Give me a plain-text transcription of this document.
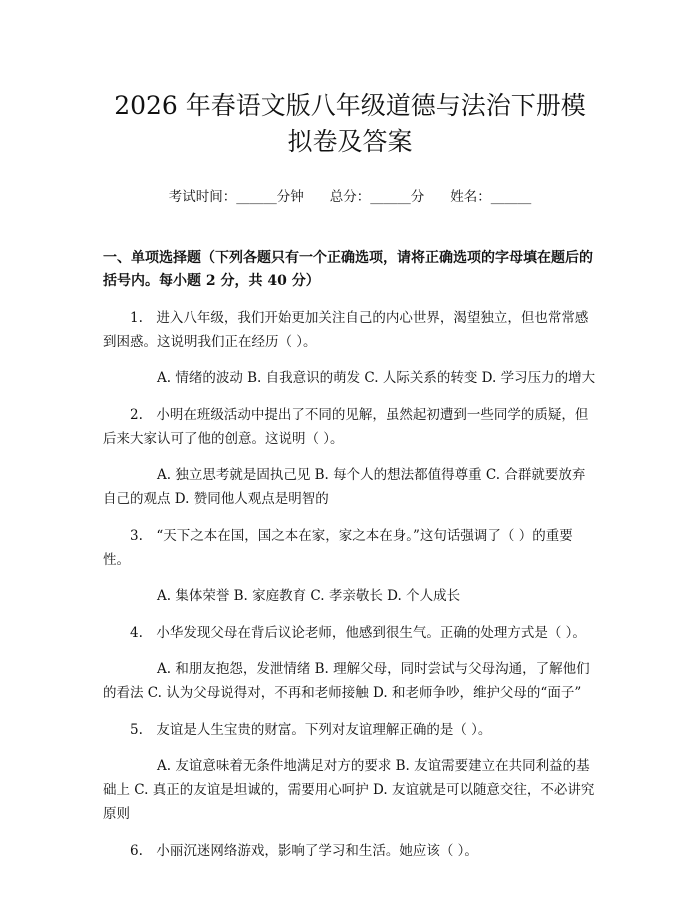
2026 年春语文版八年级道德与法治下册模拟卷及答案
考试时间：______分钟 总分：______分 姓名：______
一、单项选择题（下列各题只有一个正确选项，请将正确选项的字母填在题后的括号内。每小题 2 分，共 40 分）

1.　进入八年级，我们开始更加关注自己的内心世界，渴望独立，但也常常感到困惑。这说明我们正在经历（ ）。

A. 情绪的波动 B. 自我意识的萌发 C. 人际关系的转变 D. 学习压力的增大

2.　小明在班级活动中提出了不同的见解，虽然起初遭到一些同学的质疑，但后来大家认可了他的创意。这说明（ ）。

A. 独立思考就是固执己见 B. 每个人的想法都值得尊重 C. 合群就要放弃自己的观点 D. 赞同他人观点是明智的

3.　“天下之本在国，国之本在家，家之本在身。”这句话强调了（ ）的重要性。

A. 集体荣誉 B. 家庭教育 C. 孝亲敬长 D. 个人成长

4.　小华发现父母在背后议论老师，他感到很生气。正确的处理方式是（ ）。

A. 和朋友抱怨，发泄情绪 B. 理解父母，同时尝试与父母沟通，了解他们的看法 C. 认为父母说得对，不再和老师接触 D. 和老师争吵，维护父母的“面子”

5.　友谊是人生宝贵的财富。下列对友谊理解正确的是（ ）。

A. 友谊意味着无条件地满足对方的要求 B. 友谊需要建立在共同利益的基础上 C. 真正的友谊是坦诚的，需要用心呵护 D. 友谊就是可以随意交往，不必讲究原则

6.　小丽沉迷网络游戏，影响了学习和生活。她应该（ ）。
